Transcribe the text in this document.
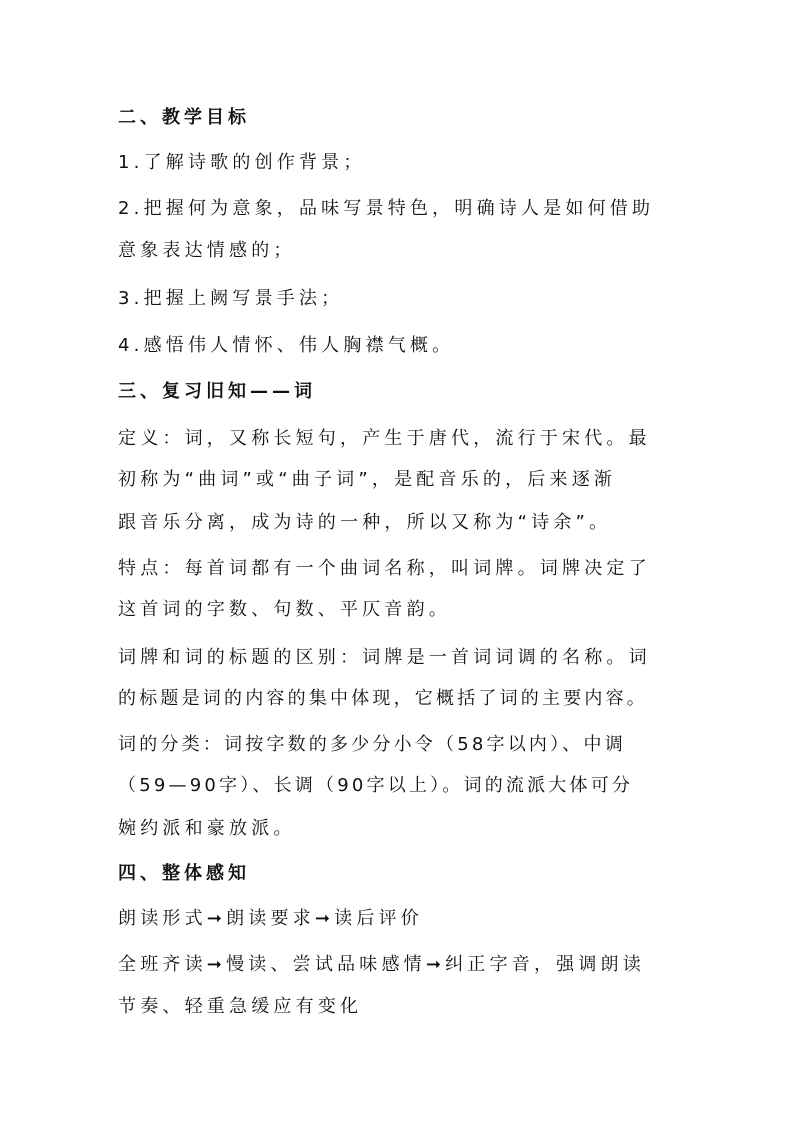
二、教学目标
1.了解诗歌的创作背景；
2.把握何为意象，品味写景特色，明确诗人是如何借助
意象表达情感的；
3.把握上阙写景手法；
4.感悟伟人情怀、伟人胸襟气概。
三、复习旧知——词
定义：词，又称长短句，产生于唐代，流行于宋代。最
初称为“曲词”或“曲子词”，是配音乐的，后来逐渐
跟音乐分离，成为诗的一种，所以又称为“诗余”。
特点：每首词都有一个曲词名称，叫词牌。词牌决定了
这首词的字数、句数、平仄音韵。
词牌和词的标题的区别：词牌是一首词词调的名称。词
的标题是词的内容的集中体现，它概括了词的主要内容。
词的分类：词按字数的多少分小令（58字以内）、中调
（59—90字）、长调（90字以上）。词的流派大体可分
婉约派和豪放派。
四、整体感知
朗读形式➞朗读要求➞读后评价
全班齐读➞慢读、尝试品味感情➞纠正字音，强调朗读
节奏、轻重急缓应有变化
